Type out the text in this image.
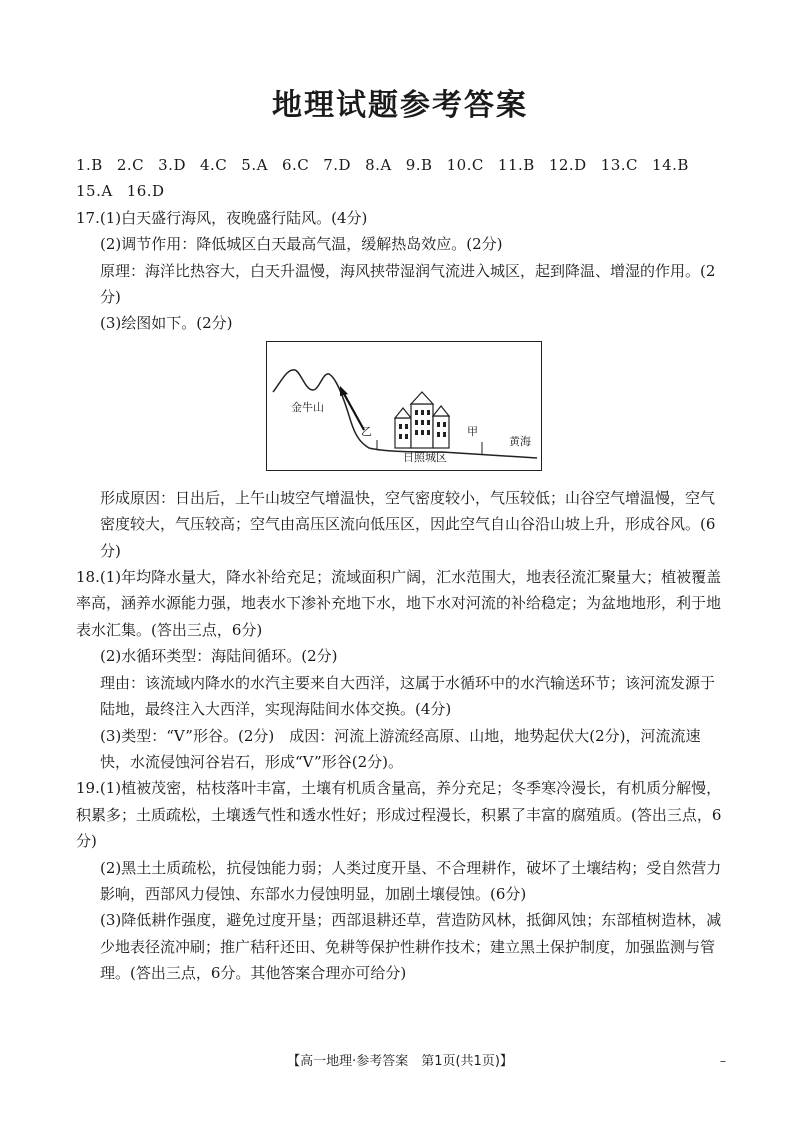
地理试题参考答案

1.B 2.C 3.D 4.C 5.A 6.C 7.D 8.A 9.B 10.C 11.B 12.D 13.C 14.B15.A 16.D

17.(1)白天盛行海风，夜晚盛行陆风。(4分)

(2)调节作用：降低城区白天最高气温，缓解热岛效应。(2分)

原理：海洋比热容大，白天升温慢，海风挟带湿润气流进入城区，起到降温、增湿的作用。(2分)

(3)绘图如下。(2分)

金牛山
乙	甲
日照城区
黄海

形成原因：日出后，上午山坡空气增温快，空气密度较小，气压较低；山谷空气增温慢，空气密度较大，气压较高；空气由高压区流向低压区，因此空气自山谷沿山坡上升，形成谷风。(6分)

18.(1)年均降水量大，降水补给充足；流域面积广阔，汇水范围大，地表径流汇聚量大；植被覆盖率高，涵养水源能力强，地表水下渗补充地下水，地下水对河流的补给稳定；为盆地地形，利于地表水汇集。(答出三点，6分)

(2)水循环类型：海陆间循环。(2分)

理由：该流域内降水的水汽主要来自大西洋，这属于水循环中的水汽输送环节；该河流发源于陆地，最终注入大西洋，实现海陆间水体交换。(4分)

(3)类型：“V”形谷。(2分)　成因：河流上游流经高原、山地，地势起伏大(2分)，河流流速快，水流侵蚀河谷岩石，形成“V”形谷(2分)。

19.(1)植被茂密，枯枝落叶丰富，土壤有机质含量高，养分充足；冬季寒冷漫长，有机质分解慢，积累多；土质疏松，土壤透气性和透水性好；形成过程漫长，积累了丰富的腐殖质。(答出三点，6分)

(2)黑土土质疏松，抗侵蚀能力弱；人类过度开垦、不合理耕作，破坏了土壤结构；受自然营力影响，西部风力侵蚀、东部水力侵蚀明显，加剧土壤侵蚀。(6分)

(3)降低耕作强度，避免过度开垦；西部退耕还草，营造防风林，抵御风蚀；东部植树造林，减少地表径流冲刷；推广秸秆还田、免耕等保护性耕作技术；建立黑土保护制度，加强监测与管理。(答出三点，6分。其他答案合理亦可给分)

【高一地理·参考答案　第1页(共1页)】	–
